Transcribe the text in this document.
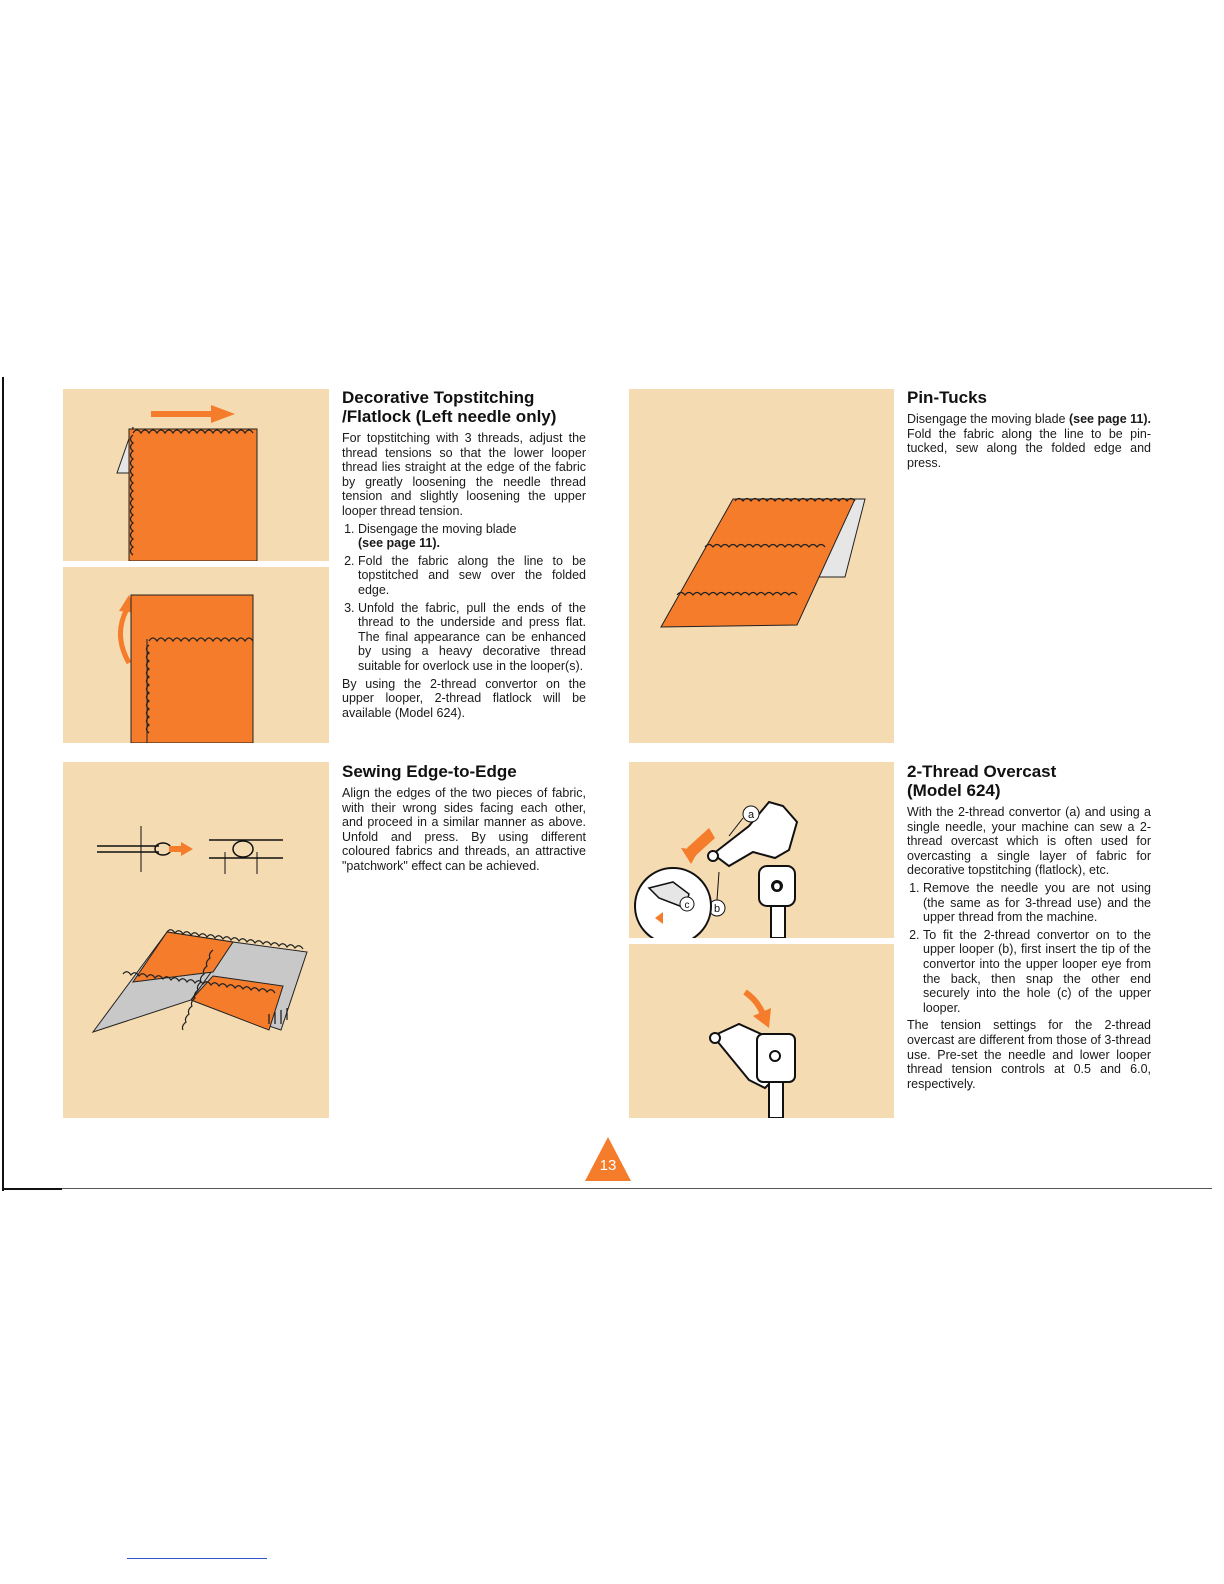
a
b
O
c
Decorative Topstitching
/Flatlock (Left needle only)

For topstitching with 3 threads, adjust the thread tensions so that the lower looper thread lies straight at the edge of the fabric by greatly loosening the needle thread tension and slightly loosening the upper looper thread tension.

1. Disengage the moving blade
(see page 11).
2. Fold the fabric along the line to be topstitched and sew over the folded edge.
3. Unfold the fabric, pull the ends of the thread to the underside and press flat. The final appearance can be enhanced by using a heavy decorative thread suitable for overlock use in the looper(s).

By using the 2-thread convertor on the upper looper, 2-thread flatlock will be available (Model 624).

Sewing Edge-to-Edge

Align the edges of the two pieces of fabric, with their wrong sides facing each other, and proceed in a similar manner as above. Unfold and press. By using different coloured fabrics and threads, an attractive "patchwork" effect can be achieved.

Pin-Tucks

Disengage the moving blade (see page 11). Fold the fabric along the line to be pin-tucked, sew along the folded edge and press.

2-Thread Overcast
(Model 624)

With the 2-thread convertor (a) and using a single needle, your machine can sew a 2-thread overcast which is often used for overcasting a single layer of fabric for decorative topstitching (flatlock), etc.

1. Remove the needle you are not using (the same as for 3-thread use) and the upper thread from the machine.
2. To fit the 2-thread convertor on to the upper looper (b), first insert the tip of the convertor into the upper looper eye from the back, then snap the other end securely into the hole (c) of the upper looper.

The tension settings for the 2-thread overcast are different from those of 3-thread use. Pre-set the needle and lower looper thread tension controls at 0.5 and 6.0, respectively.

13
